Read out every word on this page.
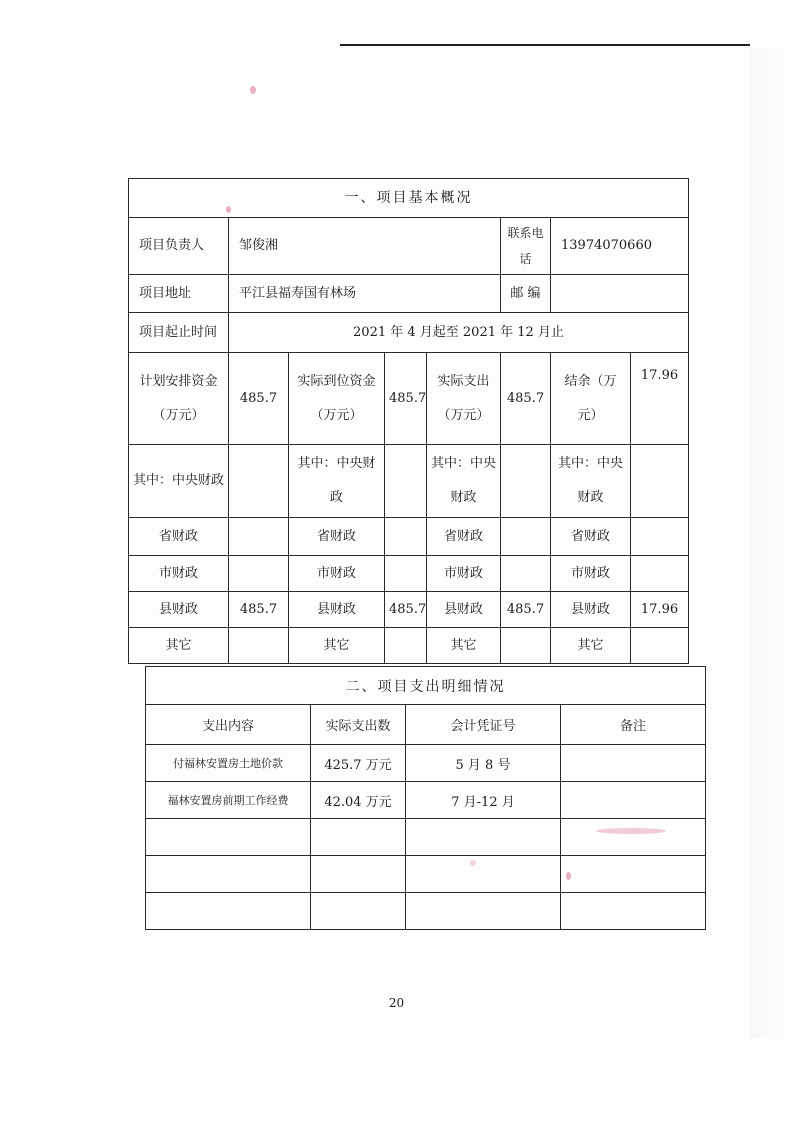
一、项目基本概况							
项目负责人	邹俊湘				联系电话	13974070660	
项目地址	平江县福寿国有林场				邮 编		
项目起止时间	2021 年 4 月起至 2021 年 12 月止						
计划安排资金（万元）	485.7	实际到位资金（万元）	485.7	实际支出（万元）	485.7	结余（万元）	17.96
其中：中央财政		其中：中央财政		其中：中央财政		其中：中央财政	
省财政		省财政		省财政		省财政	
市财政		市财政		市财政		市财政	
县财政	485.7	县财政	485.7	县财政	485.7	县财政	17.96
其它		其它		其它		其它	
二、项目支出明细情况			
支出内容	实际支出数	会计凭证号	备注
付福林安置房土地价款	425.7 万元	5 月 8 号	
福林安置房前期工作经费	42.04 万元	7 月-12 月	

20
